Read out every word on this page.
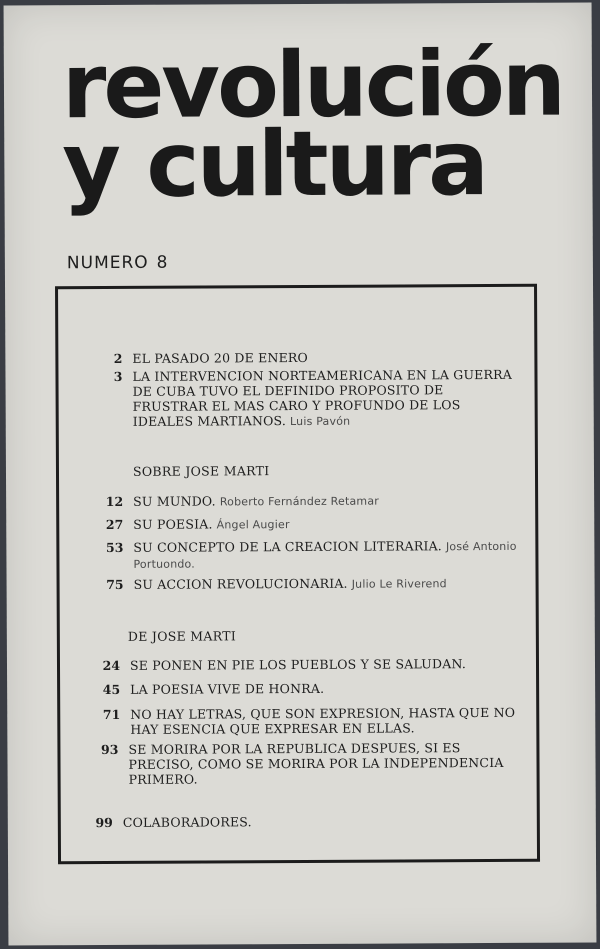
revolución
y cultura
NUMERO 8
2 EL PASADO 20 DE ENERO
3 LA INTERVENCION NORTEAMERICANA EN LA GUERRA DE CUBA TUVO EL DEFINIDO PROPOSITO DE FRUSTRAR EL MAS CARO Y PROFUNDO DE LOS IDEALES MARTIANOS. Luis Pavón
SOBRE JOSE MARTI
12 SU MUNDO. Roberto Fernández Retamar
27 SU POESIA. Ángel Augier
53 SU CONCEPTO DE LA CREACION LITERARIA. José Antonio Portuondo.
75 SU ACCION REVOLUCIONARIA. Julio Le Riverend
DE JOSE MARTI
24 SE PONEN EN PIE LOS PUEBLOS Y SE SALUDAN.
45 LA POESIA VIVE DE HONRA.
71 NO HAY LETRAS, QUE SON EXPRESION, HASTA QUE NO HAY ESENCIA QUE EXPRESAR EN ELLAS.
93 SE MORIRA POR LA REPUBLICA DESPUES, SI ES PRECISO, COMO SE MORIRA POR LA INDEPENDENCIA PRIMERO.
99 COLABORADORES.
